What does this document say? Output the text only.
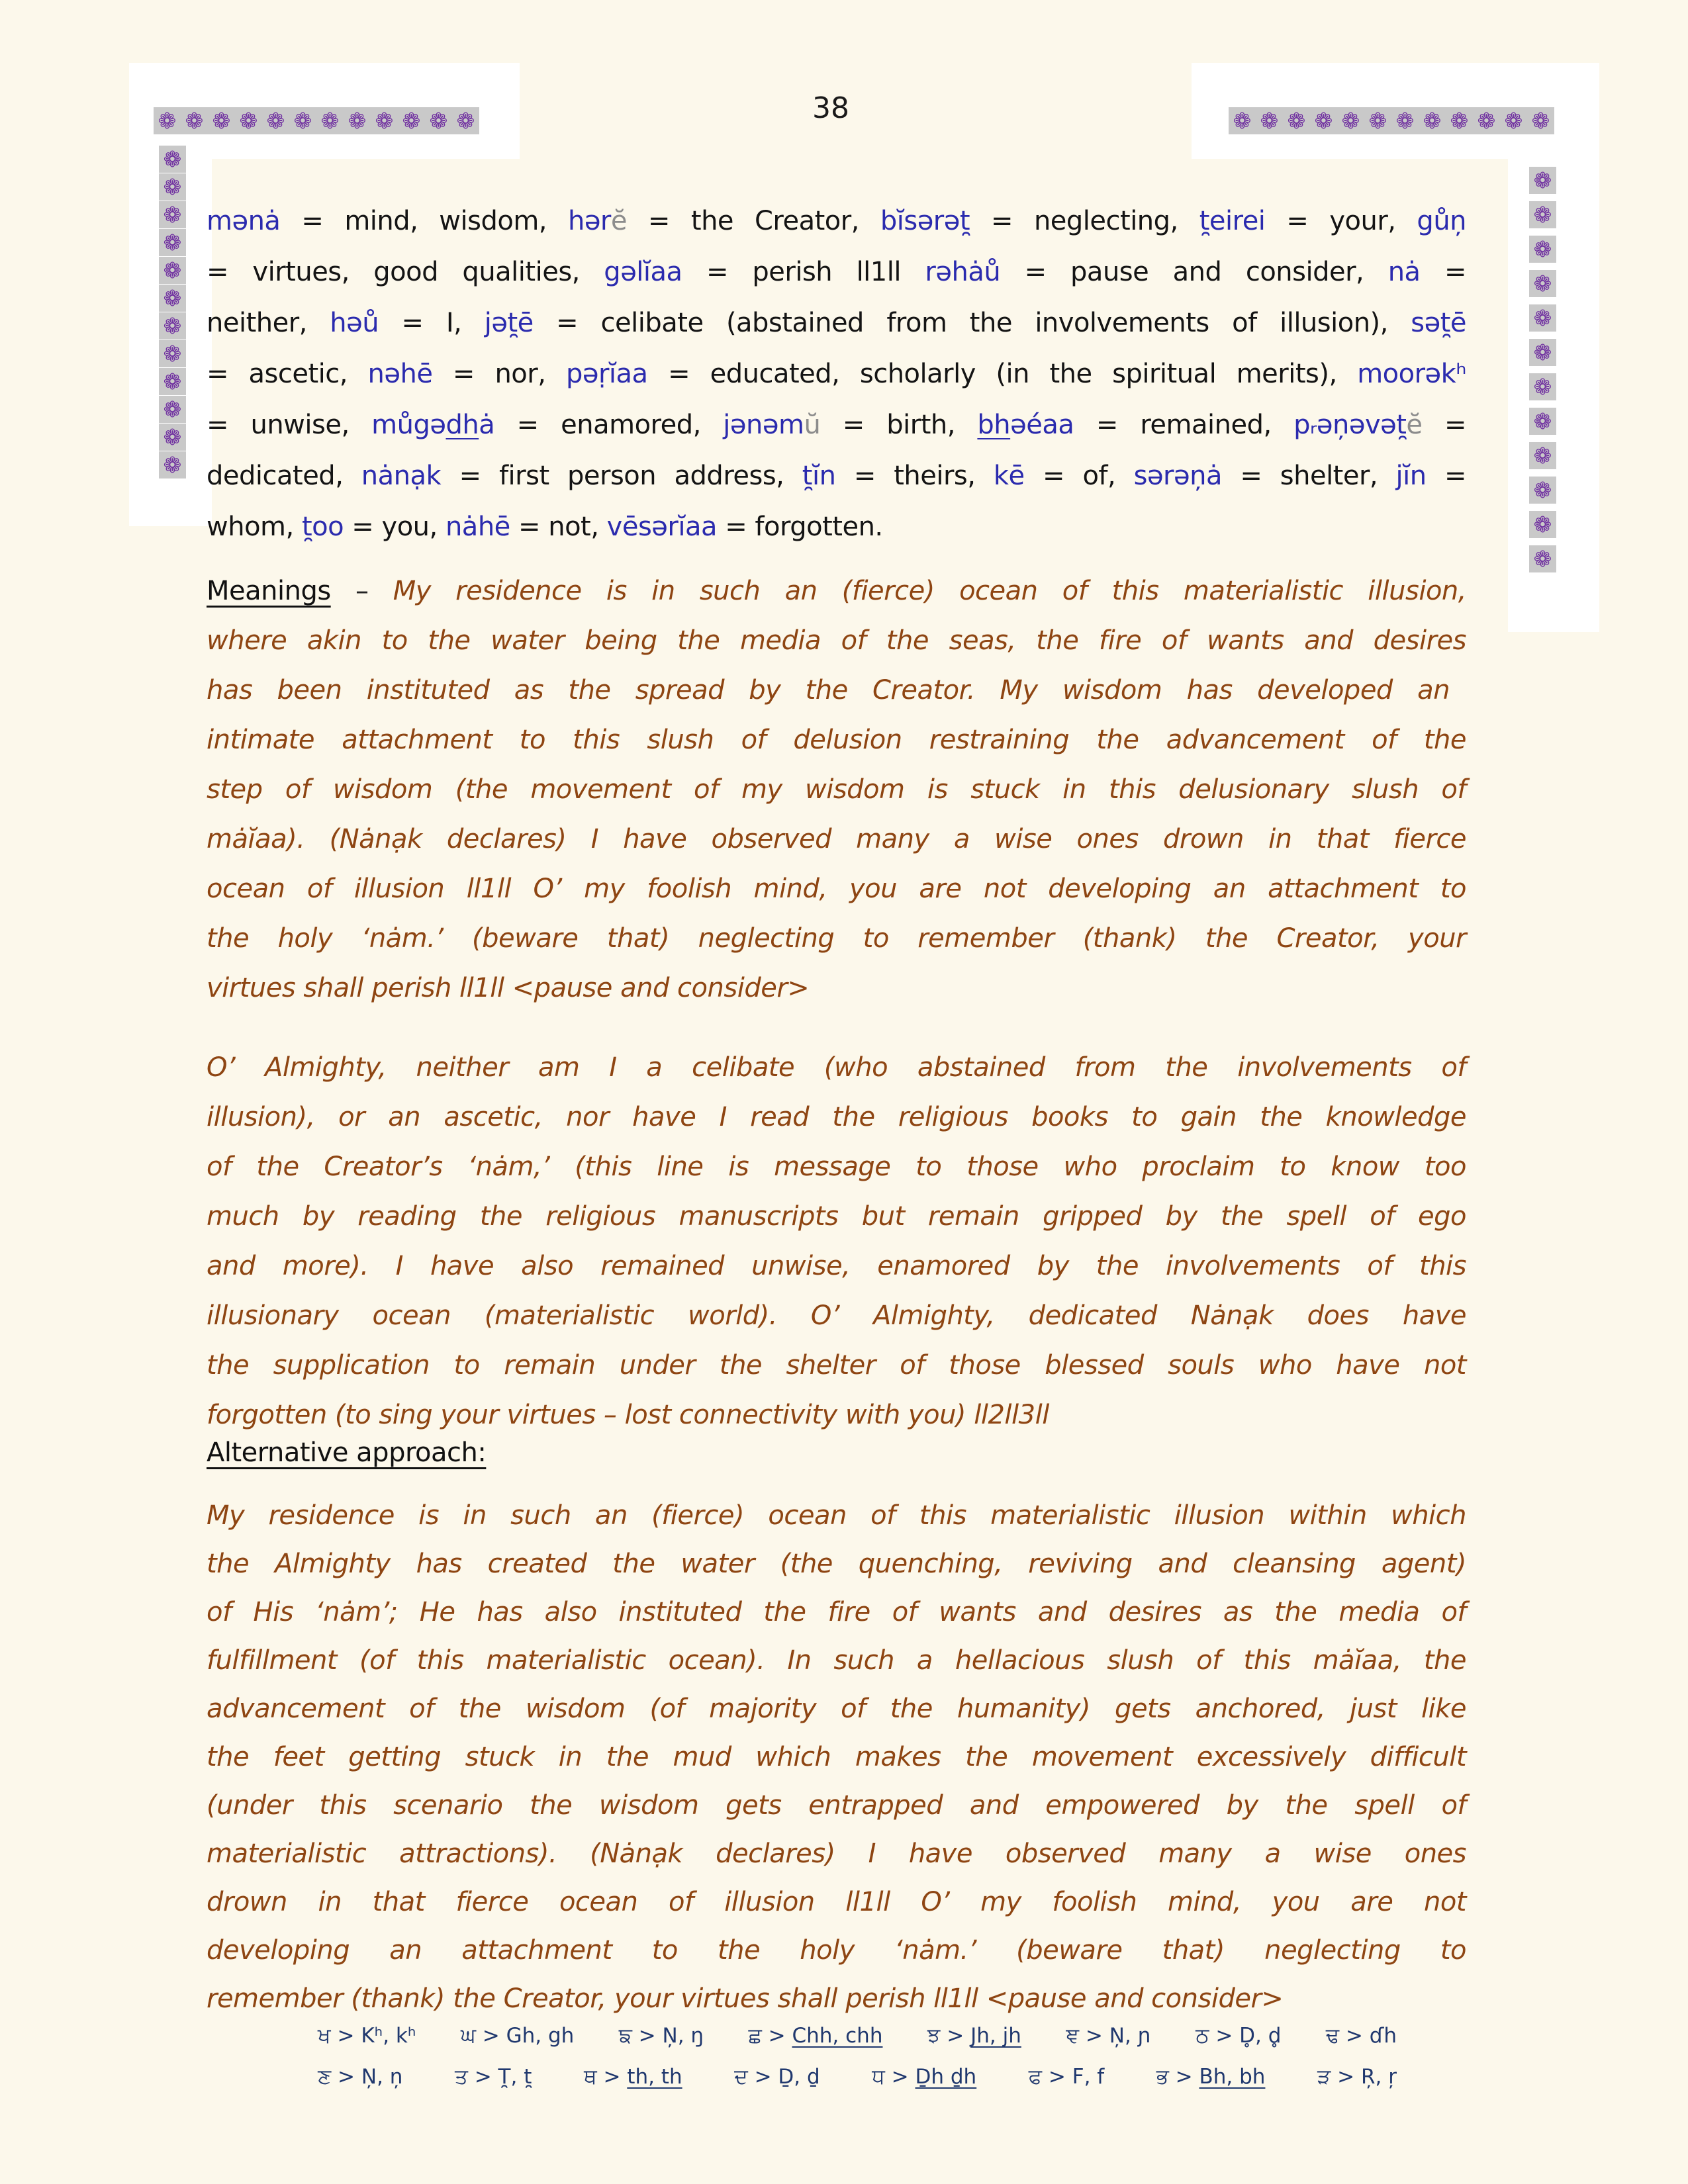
❁ ❁ ❁ ❁ ❁ ❁ ❁ ❁ ❁ ❁ ❁ ❁	❁ ❁ ❁ ❁ ❁ ❁ ❁ ❁ ❁ ❁ ❁ ❁
❁
❁
❁
❁
❁
❁
❁
❁
❁
❁
❁
❁
❁
❁
❁
❁
❁
❁
❁
❁
❁
❁
❁
❁
38
mənȧ = mind, wisdom, hərĕ = the Creator, bĭsərət̯ = neglecting, t̯eirei = your, gůņ
= virtues, good qualities, gəlĭaa = perish ll1ll rəhȧů = pause and consider, nȧ =
neither, həů = I, jət̯ē = celibate (abstained from the involvements of illusion), sət̯ē
= ascetic, nəhē = nor, pəṛĭaa = educated, scholarly (in the spiritual merits), moorəkʰ
= unwise, můgədhȧ = enamored, jənəmŭ = birth, bhəéaa = remained, pᵣəņəvət̯ĕ =
dedicated, nȧnạk = first person address, t̯ĭn = theirs, kē = of, sərəņȧ = shelter, jĭn =
whom, t̯oo = you, nȧhē = not, vēsərĭaa = forgotten.
Meanings – My residence is in such an (fierce) ocean of this materialistic illusion,
where akin to the water being the media of the seas, the fire of wants and desires
has been instituted as the spread by the Creator. My wisdom has developed an
intimate attachment to this slush of delusion restraining the advancement of the
step of wisdom (the movement of my wisdom is stuck in this delusionary slush of
mȧĭaa). (Nȧnạk declares) I have observed many a wise ones drown in that fierce
ocean of illusion ll1ll O’ my foolish mind, you are not developing an attachment to
the holy ‘nȧm.’ (beware that) neglecting to remember (thank) the Creator, your
virtues shall perish ll1ll <pause and consider>
O’ Almighty, neither am I a celibate (who abstained from the involvements of
illusion), or an ascetic, nor have I read the religious books to gain the knowledge
of the Creator’s ‘nȧm,’ (this line is message to those who proclaim to know too
much by reading the religious manuscripts but remain gripped by the spell of ego
and more). I have also remained unwise, enamored by the involvements of this
illusionary ocean (materialistic world). O’ Almighty, dedicated Nȧnạk does have
the supplication to remain under the shelter of those blessed souls who have not
forgotten (to sing your virtues – lost connectivity with you) ll2ll3ll
Alternative approach:
My residence is in such an (fierce) ocean of this materialistic illusion within which
the Almighty has created the water (the quenching, reviving and cleansing agent)
of His ‘nȧm’; He has also instituted the fire of wants and desires as the media of
fulfillment (of this materialistic ocean). In such a hellacious slush of this mȧĭaa, the
advancement of the wisdom (of majority of the humanity) gets anchored, just like
the feet getting stuck in the mud which makes the movement excessively difficult
(under this scenario the wisdom gets entrapped and empowered by the spell of
materialistic attractions). (Nȧnạk declares) I have observed many a wise ones
drown in that fierce ocean of illusion ll1ll O’ my foolish mind, you are not
developing an attachment to the holy ‘nȧm.’ (beware that) neglecting to
remember (thank) the Creator, your virtues shall perish ll1ll <pause and consider>
ਖ > Kʰ, kʰ ਘ > Gh, gh ਙ > Ņ, ŋ ਛ > Chh, chh ਝ > Jh, jh ਞ > Ņ, ɲ ਠ > D̥, d̥ ਢ > ɗh
ਣ > Ņ, ņ	ਤ > T̯, t̯	ਥ > th, th	ਦ > Ḏ, ḏ	ਧ > Ḏh ḏh	ਫ > F, f	ਭ > Bh, bh	ੜ > Ŗ, ŗ
